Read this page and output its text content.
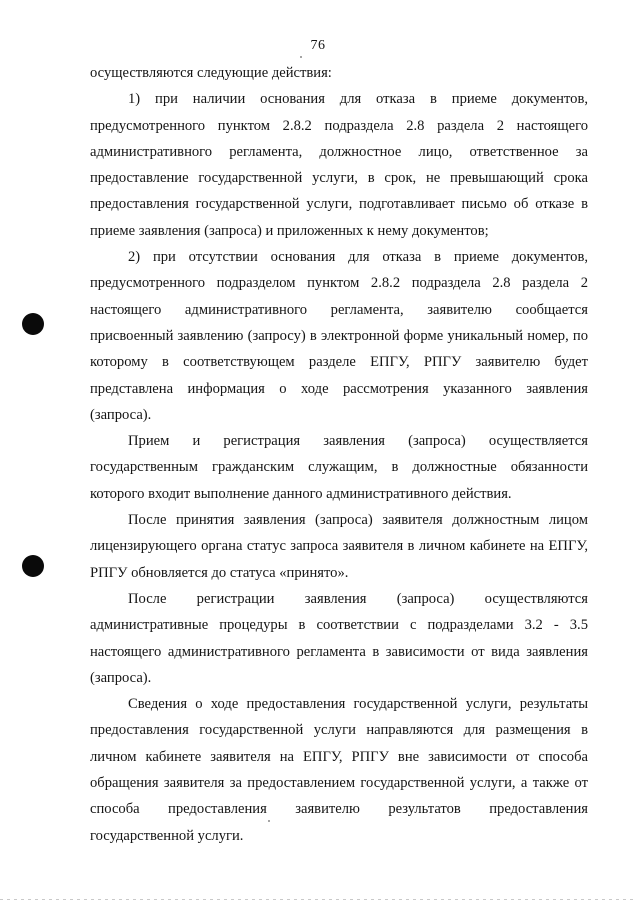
76

осуществляются следующие действия:

1) при наличии основания для отказа в приеме документов, предусмотренного пунктом 2.8.2 подраздела 2.8 раздела 2 настоящего административного регламента, должностное лицо, ответственное за предоставление государственной услуги, в срок, не превышающий срока предоставления государственной услуги, подготавливает письмо об отказе в приеме заявления (запроса) и приложенных к нему документов;

2) при отсутствии основания для отказа в приеме документов, предусмотренного подразделом пунктом 2.8.2 подраздела 2.8 раздела 2 настоящего административного регламента, заявителю сообщается присвоенный заявлению (запросу) в электронной форме уникальный номер, по которому в соответствующем разделе ЕПГУ, РПГУ заявителю будет представлена информация о ходе рассмотрения указанного заявления (запроса).

Прием и регистрация заявления (запроса) осуществляется государственным гражданским служащим, в должностные обязанности которого входит выполнение данного административного действия.

После принятия заявления (запроса) заявителя должностным лицом лицензирующего органа статус запроса заявителя в личном кабинете на ЕПГУ, РПГУ обновляется до статуса «принято».

После регистрации заявления (запроса) осуществляются административные процедуры в соответствии с подразделами 3.2 - 3.5 настоящего административного регламента в зависимости от вида заявления (запроса).

Сведения о ходе предоставления государственной услуги, результаты предоставления государственной услуги направляются для размещения в личном кабинете заявителя на ЕПГУ, РПГУ вне зависимости от способа обращения заявителя за предоставлением государственной услуги, а также от способа предоставления заявителю результатов предоставления государственной услуги.
